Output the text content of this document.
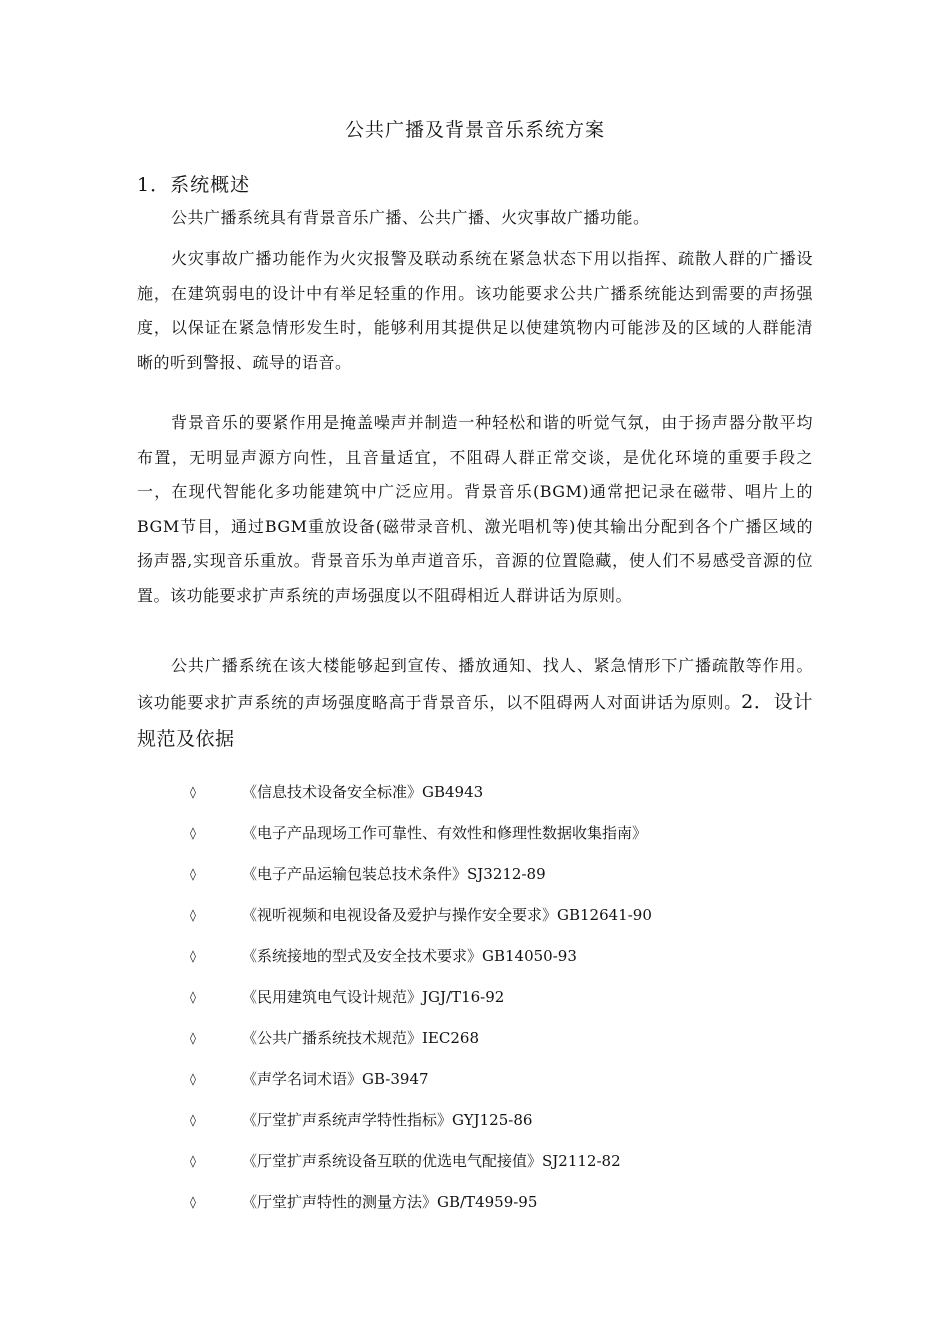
公共广播及背景音乐系统方案
1．系统概述

公共广播系统具有背景音乐广播、公共广播、火灾事故广播功能。

火灾事故广播功能作为火灾报警及联动系统在紧急状态下用以指挥、疏散人群的广播设施，在建筑弱电的设计中有举足轻重的作用。该功能要求公共广播系统能达到需要的声扬强度，以保证在紧急情形发生时，能够利用其提供足以使建筑物内可能涉及的区域的人群能清晰的听到警报、疏导的语音。

背景音乐的要紧作用是掩盖噪声并制造一种轻松和谐的听觉气氛，由于扬声器分散平均布置，无明显声源方向性，且音量适宜，不阻碍人群正常交谈，是优化环境的重要手段之一，在现代智能化多功能建筑中广泛应用。背景音乐(BGM)通常把记录在磁带、唱片上的BGM节目，通过BGM重放设备(磁带录音机、激光唱机等)使其输出分配到各个广播区域的扬声器,实现音乐重放。背景音乐为单声道音乐，音源的位置隐藏，使人们不易感受音源的位置。该功能要求扩声系统的声场强度以不阻碍相近人群讲话为原则。

公共广播系统在该大楼能够起到宣传、播放通知、找人、紧急情形下广播疏散等作用。该功能要求扩声系统的声场强度略高于背景音乐，以不阻碍两人对面讲话为原则。2．设计规范及依据

◊	《信息技术设备安全标准》GB4943
◊	《电子产品现场工作可靠性、有效性和修理性数据收集指南》
◊	《电子产品运输包装总技术条件》SJ3212-89
◊	《视听视频和电视设备及爱护与操作安全要求》GB12641-90
◊	《系统接地的型式及安全技术要求》GB14050-93
◊	《民用建筑电气设计规范》JGJ/T16-92
◊	《公共广播系统技术规范》IEC268
◊	《声学名词术语》GB-3947
◊	《厅堂扩声系统声学特性指标》GYJ125-86
◊	《厅堂扩声系统设备互联的优选电气配接值》SJ2112-82
◊	《厅堂扩声特性的测量方法》GB/T4959-95
